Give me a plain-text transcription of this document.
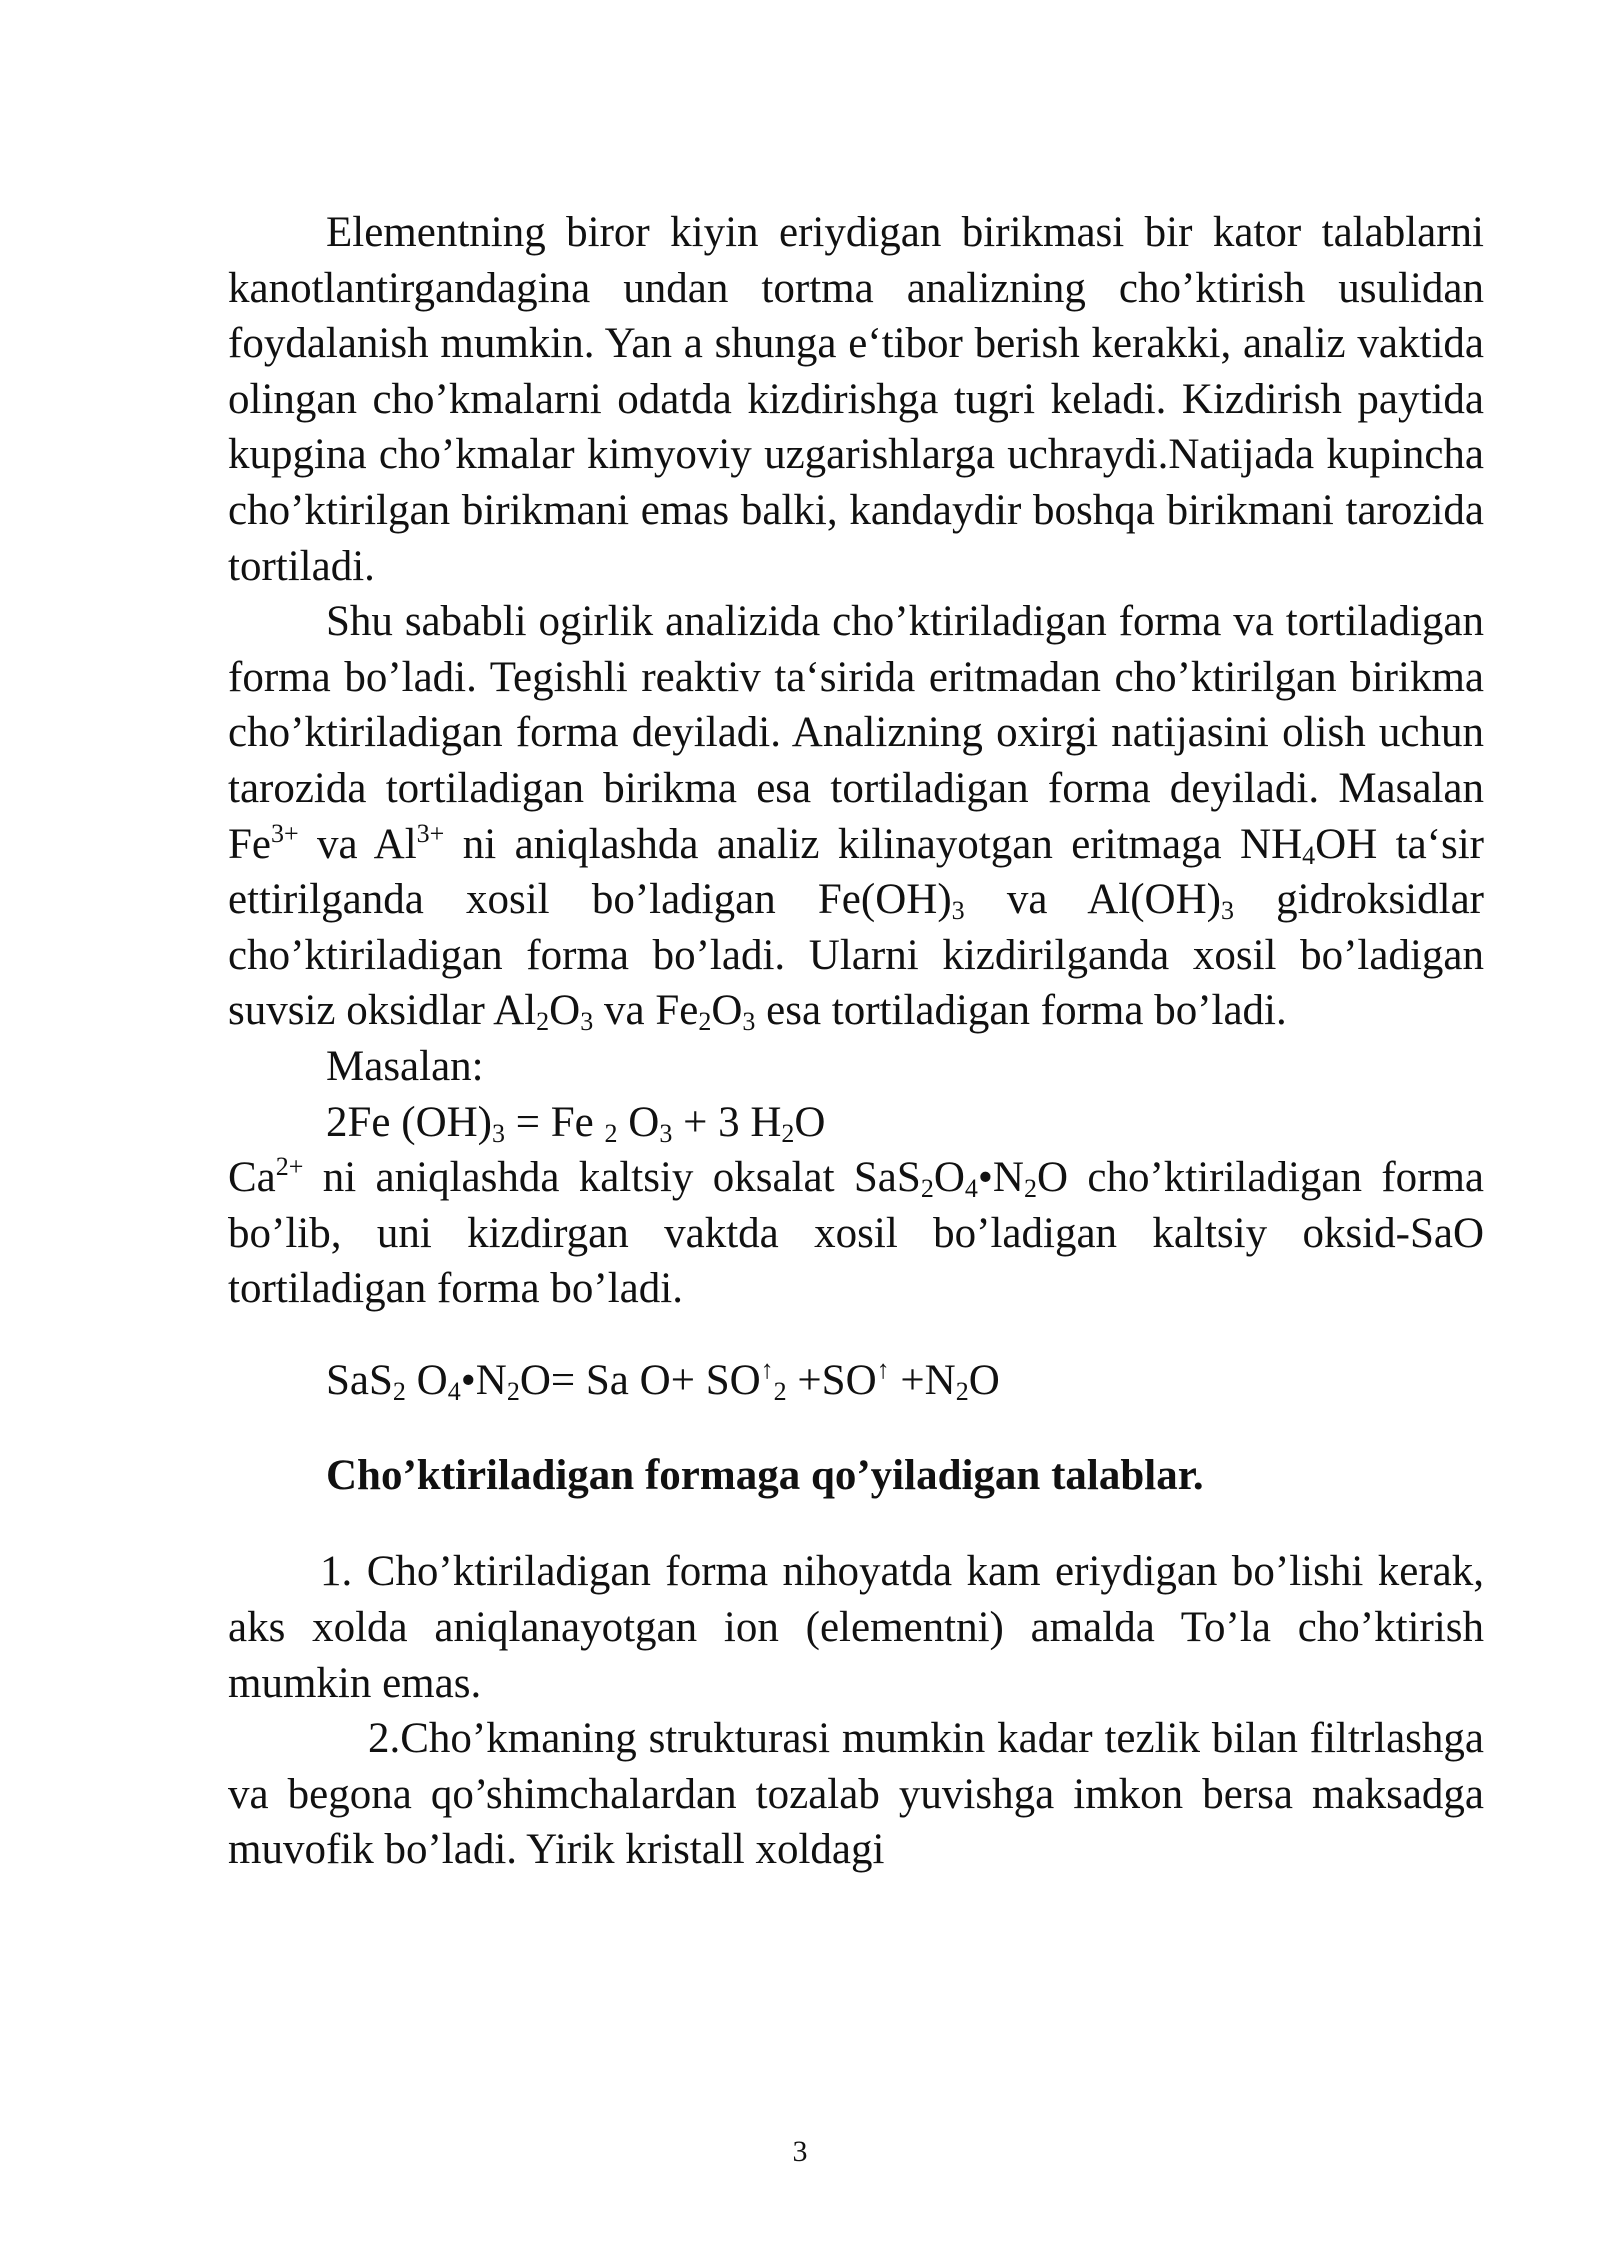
Elementning biror kiyin eriydigan birikmasi bir kator talablarni kanotlantirgandagina undan tortma analizning cho’ktirish usulidan foydalanish mumkin. Yan a shunga e‘tibor berish kerakki, analiz vaktida olingan cho’kmalarni odatda kizdirishga tugri keladi. Kizdirish paytida kupgina cho’kmalar kimyoviy uzgarishlarga uchraydi.Natijada kupincha cho’ktirilgan birikmani emas balki, kandaydir boshqa birikmani tarozida tortiladi.

Shu sababli ogirlik analizida cho’ktiriladigan forma va tortiladigan forma bo’ladi. Tegishli reaktiv ta‘sirida eritmadan cho’ktirilgan birikma cho’ktiriladigan forma deyiladi. Analizning oxirgi natijasini olish uchun tarozida tortiladigan birikma esa tortiladigan forma deyiladi. Masalan $Fe^{3+}$ va $Al^{3+}$ ni aniqlashda analiz kilinayotgan eritmaga $NH_4OH$ ta‘sir ettirilganda xosil bo’ladigan $Fe(OH)_3$ va $Al(OH)_3$ gidroksidlar cho’ktiriladigan forma bo’ladi. Ularni kizdirilganda xosil bo’ladigan suvsiz oksidlar $Al_2O_3$ va $Fe_2O_3$ esa tortiladigan forma bo’ladi.

Masalan:

2Fe $(OH)_3 = Fe$ $_2$ $O_3 + 3$ $H_2O$

$Ca^{2+}$ ni aniqlashda kaltsiy oksalat $SaS_2O_4•N_2O$ cho’ktiriladigan forma bo’lib, uni kizdirgan vaktda xosil bo’ladigan kaltsiy oksid-SaO tortiladigan forma bo’ladi.

SaS$_2$ $O_4•N_2O= Sa$ $O+ SO^↑_2 +SO^↑ +N_2O$

Cho’ktiriladigan formaga qo’yiladigan talablar.

1. Cho’ktiriladigan forma nihoyatda kam eriydigan bo’lishi kerak, aks xolda aniqlanayotgan ion (elementni) amalda To’la cho’ktirish mumkin emas.

2.Cho’kmaning strukturasi mumkin kadar tezlik bilan filtrlashga va begona qo’shimchalardan tozalab yuvishga imkon bersa maksadga muvofik bo’ladi. Yirik kristall xoldagi

3
